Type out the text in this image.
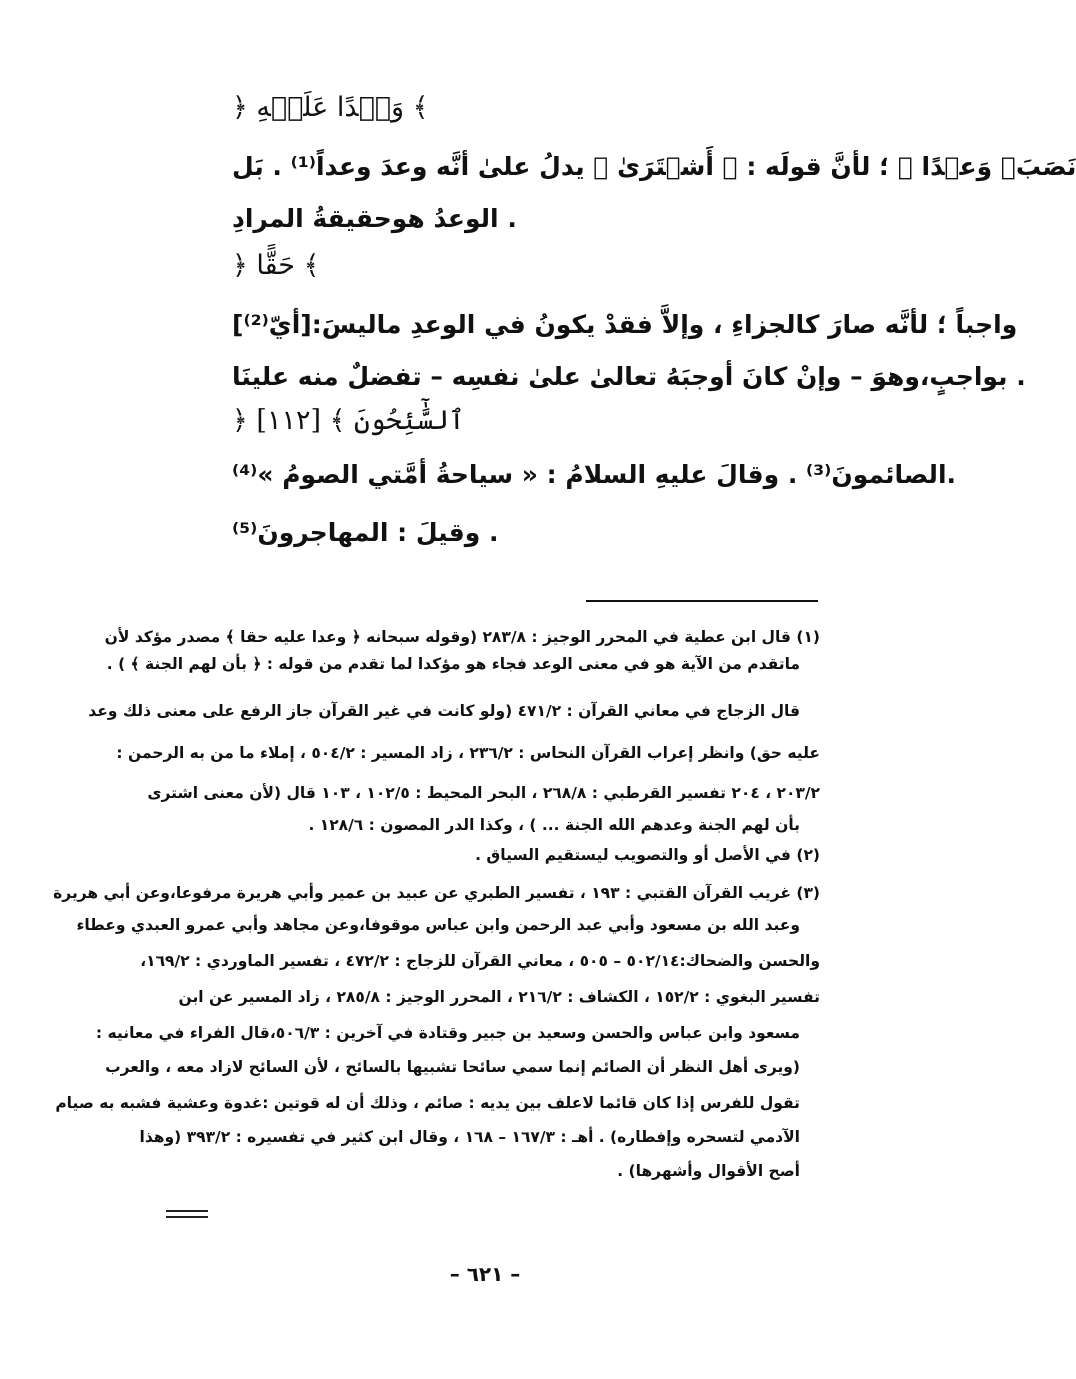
﴿ وَعۡدًا عَلَيۡهِ ﴾
نَصَبَ﴿ وَعۡدًا ﴾ ؛ لأنَّ قولَه : ﴿ أَشۡتَرَىٰ ﴾ يدلُ علىٰ أنَّه وعدَ وعداً⁽¹⁾ . بَل
الوعدُ هوحقيقةُ المرادِ .
﴿ حَقًّا ﴾
[أيّ⁽²⁾]:واجباً ؛ لأنَّه صارَ كالجزاءِ ، وإلاَّ فقدْ يكونُ في الوعدِ ماليسَ
بواجبٍ،وهوَ – وإنْ كانَ أوجبَهُ تعالىٰ علىٰ نفسِه – تفضلٌ منه علينَا .
﴿ ٱلسَّٰٓئِحُونَ ﴾ [١١٢]
الصائمونَ⁽³⁾ . وقالَ عليهِ السلامُ : « سياحةُ أمَّتي الصومُ »⁽⁴⁾.
وقيلَ : المهاجرونَ⁽⁵⁾ .
(١) قال ابن عطية في المحرر الوجيز : ٢٨٣/٨ (وقوله سبحانه ﴿ وعدا عليه حقا ﴾ مصدر مؤكد لأن
ماتقدم من الآية هو في معنى الوعد فجاء هو مؤكدا لما تقدم من قوله : ﴿ بأن لهم الجنة ﴾ ) .
قال الزجاج في معاني القرآن : ٤٧١/٢ (ولو كانت في غير القرآن جاز الرفع على معنى ذلك وعد
عليه حق) وانظر إعراب القرآن النحاس : ٢٣٦/٢ ، زاد المسير : ٥٠٤/٢ ، إملاء ما من به الرحمن :
٢٠٣/٢ ، ٢٠٤ تفسير القرطبي : ٢٦٨/٨ ، البحر المحيط : ١٠٢/٥ ، ١٠٣ قال (لأن معنى اشترى
بأن لهم الجنة وعدهم الله الجنة ... ) ، وكذا الدر المصون : ١٢٨/٦ .
(٢) في الأصل أو والتصويب ليستقيم السياق .
(٣) غريب القرآن القتبي : ١٩٣ ، تفسير الطبري عن عبيد بن عمير وأبي هريرة مرفوعا،وعن أبي هريرة
وعبد الله بن مسعود وأبي عبد الرحمن وابن عباس موقوفا،وعن مجاهد وأبي عمرو العبدي وعطاء
والحسن والضحاك:٥٠٢/١٤ – ٥٠٥ ، معاني القرآن للزجاج : ٤٧٢/٢ ، تفسير الماوردي : ١٦٩/٢،
تفسير البغوي : ١٥٢/٢ ، الكشاف : ٢١٦/٢ ، المحرر الوجيز : ٢٨٥/٨ ، زاد المسير عن ابن
مسعود وابن عباس والحسن وسعيد بن جبير وقتادة في آخرين : ٥٠٦/٣،قال الفراء في معانيه :
(ويرى أهل النظر أن الصائم إنما سمي سائحا تشبيها بالسائح ، لأن السائح لازاد معه ، والعرب
تقول للفرس إذا كان قائما لاعلف بين يديه : صائم ، وذلك أن له قوتين :غدوة وعشية فشبه به صيام
الآدمي لتسحره وإفطاره) . أهـ : ١٦٧/٣ – ١٦٨ ، وقال ابن كثير في تفسيره : ٣٩٣/٢ (وهذا
أصح الأقوال وأشهرها) .
– ٦٢١ –
